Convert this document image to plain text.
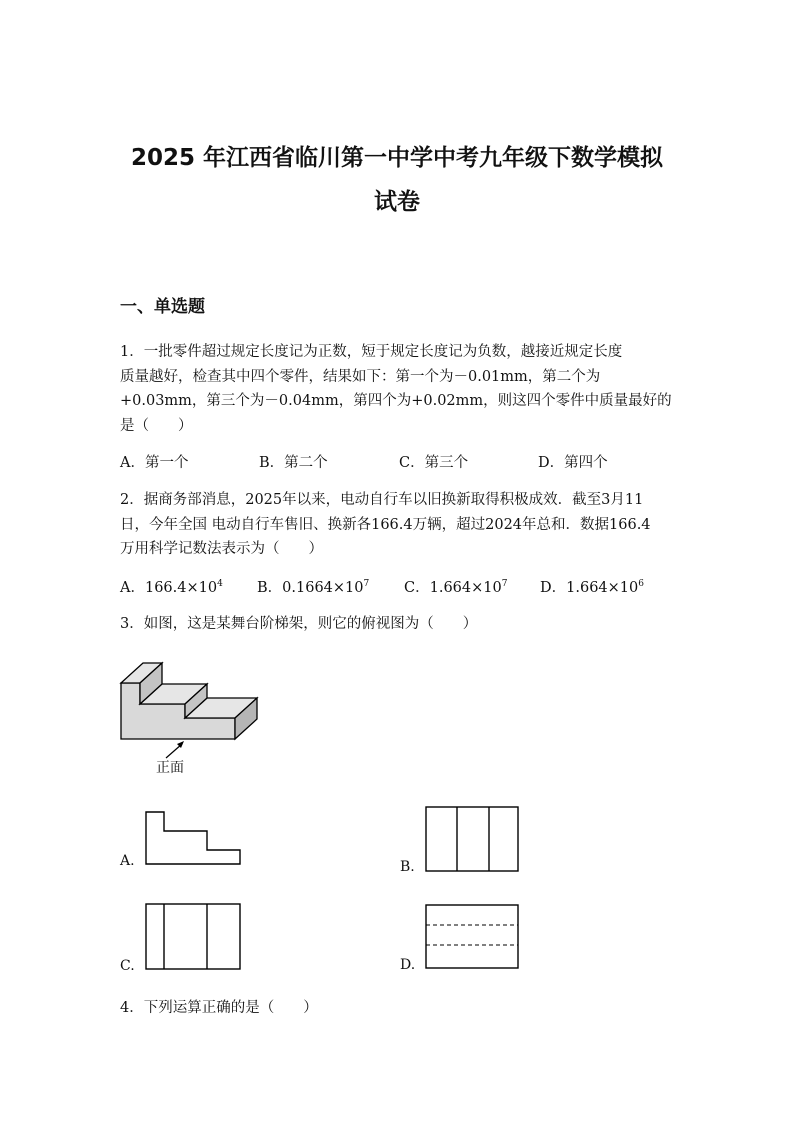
2025 年江西省临川第一中学中考九年级下数学模拟
试卷
一、单选题
1．一批零件超过规定长度记为正数，短于规定长度记为负数，越接近规定长度
质量越好，检查其中四个零件，结果如下：第一个为－0.01mm，第二个为
+0.03mm，第三个为－0.04mm，第四个为+0.02mm，则这四个零件中质量最好的
是（　　）
A．第一个	B．第二个	C．第三个	D．第四个
2．据商务部消息，2025年以来，电动自行车以旧换新取得积极成效．截至3月11
日，今年全国 电动自行车售旧、换新各166.4万辆，超过2024年总和．数据166.4
万用科学记数法表示为（　　）
A．$166.4\times 10^4$ B．$0.1664\times 10^7$ C．$1.664\times 10^7$ D．$1.664\times 10^6$
3．如图，这是某舞台阶梯架，则它的俯视图为（　　）
正面
A.	B.
C.	D.
4．下列运算正确的是（　　）
